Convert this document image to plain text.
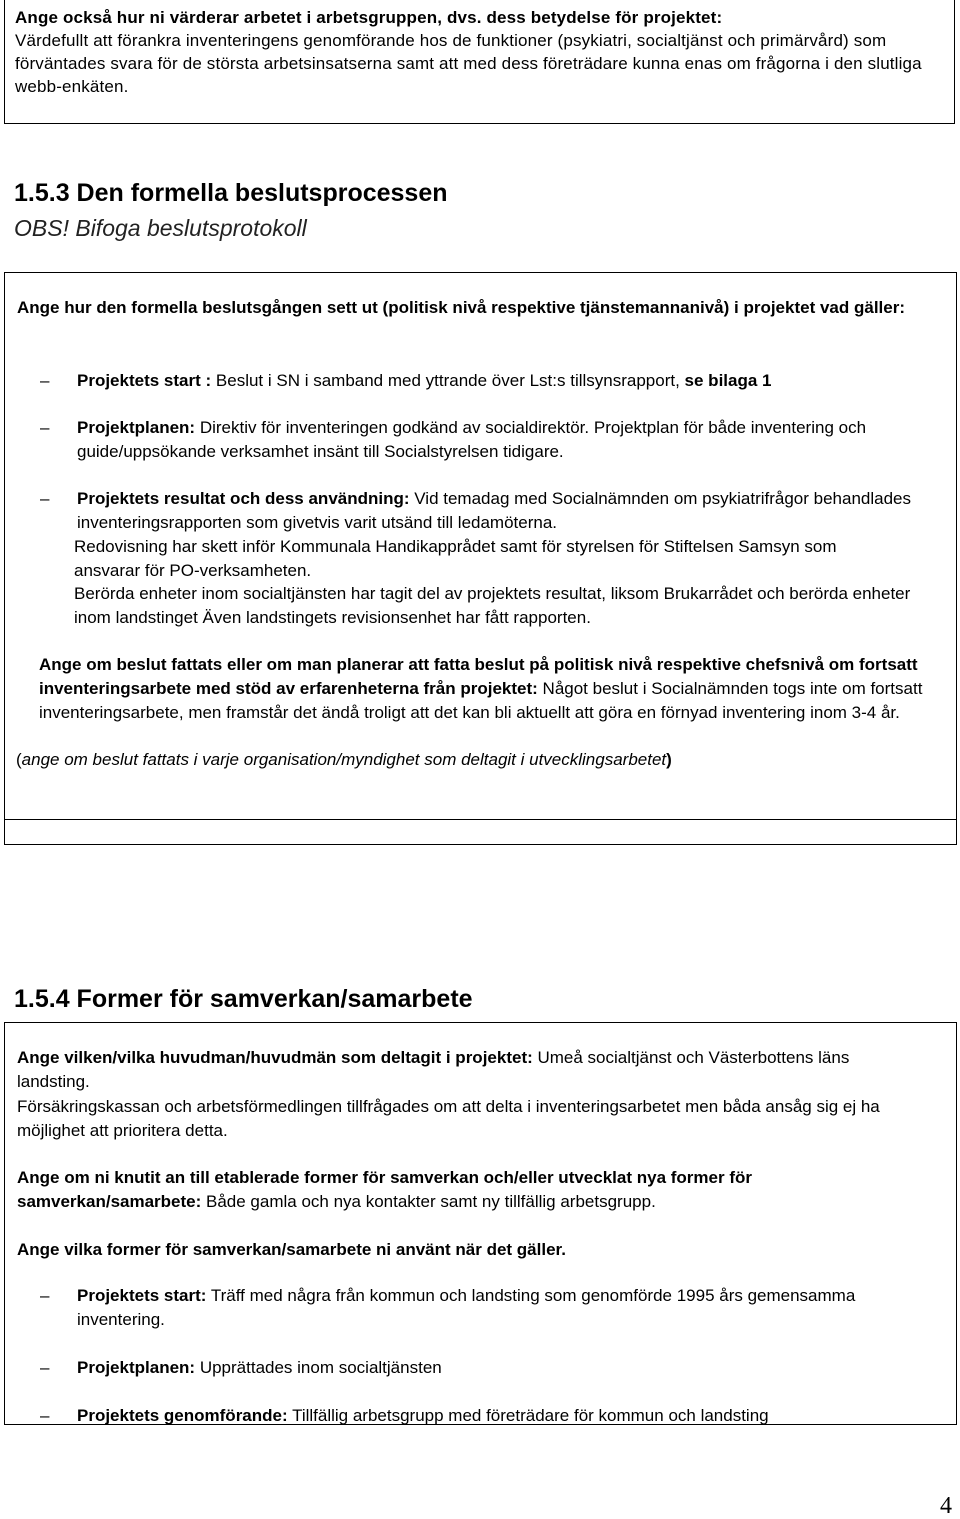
Ange också hur ni värderar arbetet i arbetsgruppen, dvs. dess betydelse för projektet:
Värdefullt att förankra inventeringens genomförande hos de funktioner (psykiatri, socialtjänst och primärvård) som förväntades svara för de största arbetsinsatserna samt att med dess företrädare kunna enas om frågorna i den slutliga webb-enkäten.
1.5.3 Den formella beslutsprocessen
OBS! Bifoga beslutsprotokoll
Ange hur den formella beslutsgången sett ut (politisk nivå respektive tjänstemannanivå) i projektet vad gäller:
– Projektets start : Beslut i SN i samband med yttrande över Lst:s tillsynsrapport, se bilaga 1
– Projektplanen: Direktiv för inventeringen godkänd av socialdirektör. Projektplan för både inventering och guide/uppsökande verksamhet insänt till Socialstyrelsen tidigare.
– Projektets resultat och dess användning: Vid temadag med Socialnämnden om psykiatrifrågor behandlades inventeringsrapporten som givetvis varit utsänd till ledamöterna.
Redovisning har skett inför Kommunala Handikapprådet samt för styrelsen för Stiftelsen Samsyn som ansvarar för PO-verksamheten.
Berörda enheter inom socialtjänsten har tagit del av projektets resultat, liksom Brukarrådet och berörda enheter inom landstinget Även landstingets revisionsenhet har fått rapporten.
Ange om beslut fattats eller om man planerar att fatta beslut på politisk nivå respektive chefsnivå om fortsatt inventeringsarbete med stöd av erfarenheterna från projektet: Något beslut i Socialnämnden togs inte om fortsatt inventeringsarbete, men framstår det ändå troligt att det kan bli aktuellt att göra en förnyad inventering inom 3-4 år.
(ange om beslut fattats i varje organisation/myndighet som deltagit i utvecklingsarbetet)
1.5.4 Former för samverkan/samarbete
Ange vilken/vilka huvudman/huvudmän som deltagit i projektet: Umeå socialtjänst och Västerbottens läns landsting.
Försäkringskassan och arbetsförmedlingen tillfrågades om att delta i inventeringsarbetet men båda ansåg sig ej ha möjlighet att prioritera detta.
Ange om ni knutit an till etablerade former för samverkan och/eller utvecklat nya former för samverkan/samarbete: Både gamla och nya kontakter samt ny tillfällig arbetsgrupp.
Ange vilka former för samverkan/samarbete ni använt när det gäller.
– Projektets start: Träff med några från kommun och landsting som genomförde 1995 års gemensamma inventering.
– Projektplanen: Upprättades inom socialtjänsten
– Projektets genomförande: Tillfällig arbetsgrupp med företrädare för kommun och landsting
4
